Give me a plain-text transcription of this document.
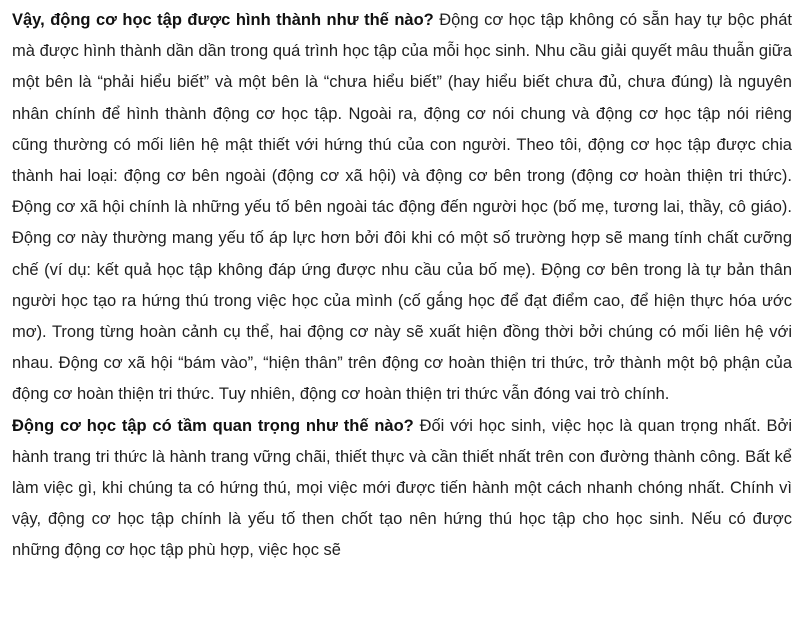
Vậy, động cơ học tập được hình thành như thế nào? Động cơ học tập không có sẵn hay tự bộc phát mà được hình thành dần dần trong quá trình học tập của mỗi học sinh. Nhu cầu giải quyết mâu thuẫn giữa một bên là “phải hiểu biết” và một bên là “chưa hiểu biết” (hay hiểu biết chưa đủ, chưa đúng) là nguyên nhân chính để hình thành động cơ học tập. Ngoài ra, động cơ nói chung và động cơ học tập nói riêng cũng thường có mối liên hệ mật thiết với hứng thú của con người. Theo tôi, động cơ học tập được chia thành hai loại: động cơ bên ngoài (động cơ xã hội) và động cơ bên trong (động cơ hoàn thiện tri thức). Động cơ xã hội chính là những yếu tố bên ngoài tác động đến người học (bố mẹ, tương lai, thầy, cô giáo). Động cơ này thường mang yếu tố áp lực hơn bởi đôi khi có một số trường hợp sẽ mang tính chất cưỡng chế (ví dụ: kết quả học tập không đáp ứng được nhu cầu của bố mẹ). Động cơ bên trong là tự bản thân người học tạo ra hứng thú trong việc học của mình (cố gắng học để đạt điểm cao, để hiện thực hóa ước mơ). Trong từng hoàn cảnh cụ thể, hai động cơ này sẽ xuất hiện đồng thời bởi chúng có mối liên hệ với nhau. Động cơ xã hội “bám vào”, “hiện thân” trên động cơ hoàn thiện tri thức, trở thành một bộ phận của động cơ hoàn thiện tri thức. Tuy nhiên, động cơ hoàn thiện tri thức vẫn đóng vai trò chính.

Động cơ học tập có tầm quan trọng như thế nào? Đối với học sinh, việc học là quan trọng nhất. Bởi hành trang tri thức là hành trang vững chãi, thiết thực và cần thiết nhất trên con đường thành công. Bất kể làm việc gì, khi chúng ta có hứng thú, mọi việc mới được tiến hành một cách nhanh chóng nhất. Chính vì vậy, động cơ học tập chính là yếu tố then chốt tạo nên hứng thú học tập cho học sinh. Nếu có được những động cơ học tập phù hợp, việc học sẽ
